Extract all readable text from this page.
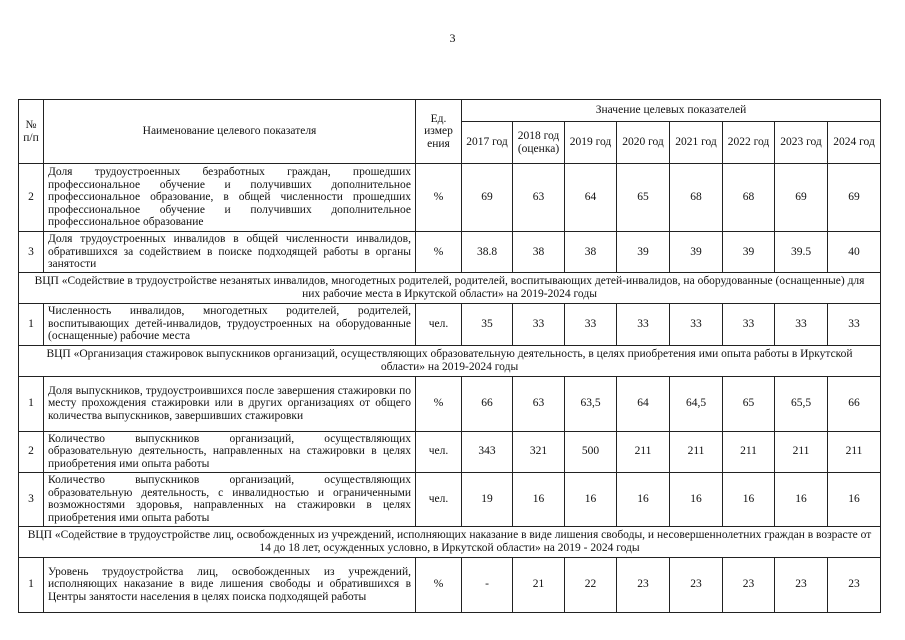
3
№ п/п	Наименование целевого показателя	Ед. измер ения	Значение целевых показателей							
			2017 год	2018 год (оценка)	2019 год	2020 год	2021 год	2022 год	2023 год	2024 год
2	Доля трудоустроенных безработных граждан, прошедших профессиональное обучение и получивших дополнительное профессиональное образование, в общей численности прошедших профессиональное обучение и получивших дополнительное профессиональное образование	%	69	63	64	65	68	68	69	69
3	Доля трудоустроенных инвалидов в общей численности инвалидов, обратившихся за содействием в поиске подходящей работы в органы занятости	%	38.8	38	38	39	39	39	39.5	40
ВЦП «Содействие в трудоустройстве незанятых инвалидов, многодетных родителей, родителей, воспитывающих детей-инвалидов, на оборудованные (оснащенные) для них рабочие места в Иркутской области» на 2019-2024 годы										
1	Численность инвалидов, многодетных родителей, родителей, воспитывающих детей-инвалидов, трудоустроенных на оборудованные (оснащенные) рабочие места	чел.	35	33	33	33	33	33	33	33
ВЦП «Организация стажировок выпускников организаций, осуществляющих образовательную деятельность, в целях приобретения ими опыта работы в Иркутской области» на 2019-2024 годы										
1	Доля выпускников, трудоустроившихся после завершения стажировки по месту прохождения стажировки или в других организациях от общего количества выпускников, завершивших стажировки	%	66	63	63,5	64	64,5	65	65,5	66
2	Количество выпускников организаций, осуществляющих образовательную деятельность, направленных на стажировки в целях приобретения ими опыта работы	чел.	343	321	500	211	211	211	211	211
3	Количество выпускников организаций, осуществляющих образовательную деятельность, с инвалидностью и ограниченными возможностями здоровья, направленных на стажировки в целях приобретения ими опыта работы	чел.	19	16	16	16	16	16	16	16
ВЦП «Содействие в трудоустройстве лиц, освобожденных из учреждений, исполняющих наказание в виде лишения свободы, и несовершеннолетних граждан в возрасте от 14 до 18 лет, осужденных условно, в Иркутской области» на 2019 - 2024 годы										
1	Уровень трудоустройства лиц, освобожденных из учреждений, исполняющих наказание в виде лишения свободы и обратившихся в Центры занятости населения в целях поиска подходящей работы	%	-	21	22	23	23	23	23	23
